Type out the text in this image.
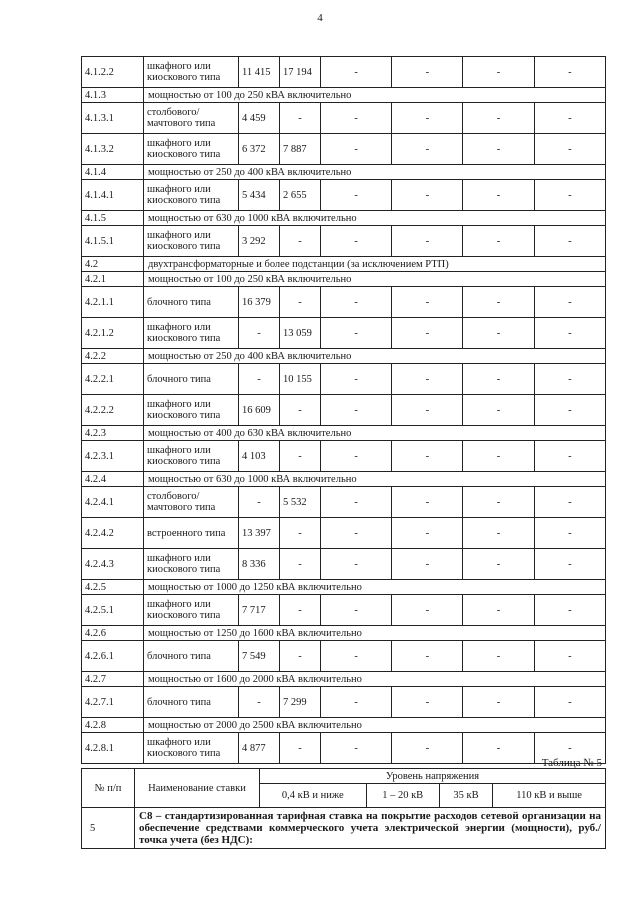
4
4.1.2.2	шкафного или киоскового типа	11 415	17 194	-	-	-	-
4.1.3	мощностью от 100 до 250 кВА включительно						
4.1.3.1	столбового/ мачтового типа	4 459	-	-	-	-	-
4.1.3.2	шкафного или киоскового типа	6 372	7 887	-	-	-	-
4.1.4	мощностью от 250 до 400 кВА включительно						
4.1.4.1	шкафного или киоскового типа	5 434	2 655	-	-	-	-
4.1.5	мощностью от 630 до 1000 кВА включительно						
4.1.5.1	шкафного или киоскового типа	3 292	-	-	-	-	-
4.2	двухтрансформаторные и более подстанции (за исключением РТП)						
4.2.1	мощностью от 100 до 250 кВА включительно						
4.2.1.1	блочного типа	16 379	-	-	-	-	-
4.2.1.2	шкафного или киоскового типа	-	13 059	-	-	-	-
4.2.2	мощностью от 250 до 400 кВА включительно						
4.2.2.1	блочного типа	-	10 155	-	-	-	-
4.2.2.2	шкафного или киоскового типа	16 609	-	-	-	-	-
4.2.3	мощностью от 400 до 630 кВА включительно						
4.2.3.1	шкафного или киоскового типа	4 103	-	-	-	-	-
4.2.4	мощностью от 630 до 1000 кВА включительно						
4.2.4.1	столбового/ мачтового типа	-	5 532	-	-	-	-
4.2.4.2	встроенного типа	13 397	-	-	-	-	-
4.2.4.3	шкафного или киоскового типа	8 336	-	-	-	-	-
4.2.5	мощностью от 1000 до 1250 кВА включительно						
4.2.5.1	шкафного или киоскового типа	7 717	-	-	-	-	-
4.2.6	мощностью от 1250 до 1600 кВА включительно						
4.2.6.1	блочного типа	7 549	-	-	-	-	-
4.2.7	мощностью от 1600 до 2000 кВА включительно						
4.2.7.1	блочного типа	-	7 299	-	-	-	-
4.2.8	мощностью от 2000 до 2500 кВА включительно						
4.2.8.1	шкафного или киоскового типа	4 877	-	-	-	-	-
Таблица № 5
№ п/п	Наименование ставки	Уровень напряжения			
		0,4 кВ и ниже	1 – 20 кВ	35 кВ	110 кВ и выше
5	С8 – стандартизированная тарифная ставка на покрытие расходов сетевой организации на обеспечение средствами коммерческого учета электрической энергии (мощности), руб./точка учета (без НДС):				
